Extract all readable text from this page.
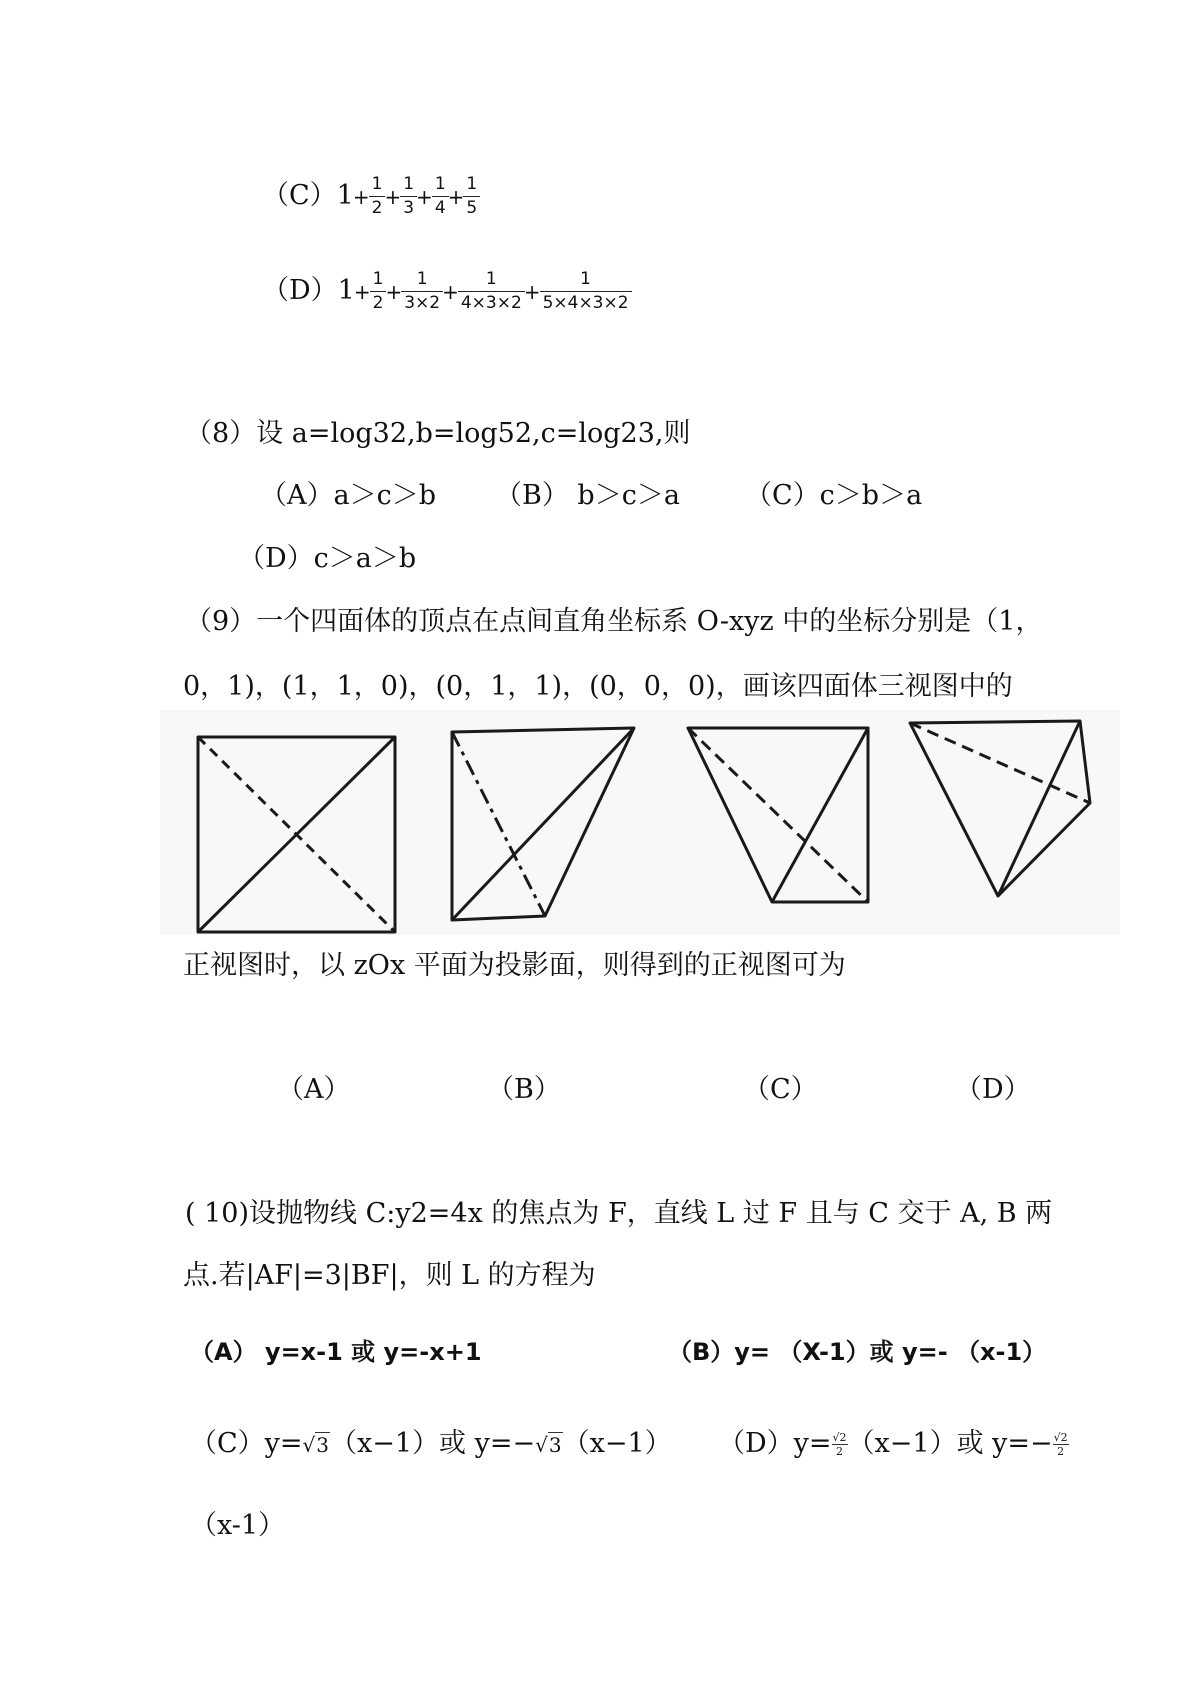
$(C)1+ \frac{1}{2} + \frac{1}{3} + \frac{1}{4} + \frac{1}{5}$
$(D)1+ \frac{1}{2} + \frac{1}{3\times 2} + \frac{1}{4\times 3\times 2} + \frac{1}{5\times 4\times 3\times 2}$
（8）设 a=log32,b=log52,c=log23,则
（A）a＞c＞b （B） b＞c＞a （C）c＞b＞a
（D）c＞a＞b
（9）一个四面体的顶点在点间直角坐标系 O-xyz 中的坐标分别是（1，
0，1)，(1，1，0)，(0，1，1)，(0，0，0)，画该四面体三视图中的
正视图时，以 zOx 平面为投影面，则得到的正视图可为
（A）	（B）	（C）	（D）
( 10)设抛物线 C:y2=4x 的焦点为 F，直线 L 过 F 且与 C 交于 A, B 两
点.若|AF|=3|BF|，则 L 的方程为
（A） y=x-1 或 y=-x+1	（B）y= （X-1）或 y=- （x-1）
（C）y=√3（x−1）或 y=−√3（x−1） $(D)y= \frac{√2}{2} (x-1)$或 $y=- \frac{√2}{2}$
（x-1）
